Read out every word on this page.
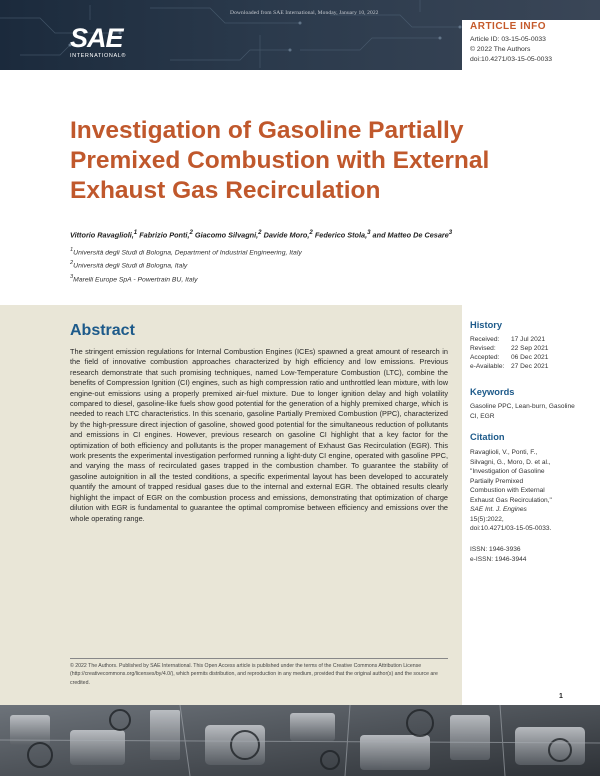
Downloaded from SAE International, Monday, January 10, 2022
SAE
INTERNATIONAL®
ARTICLE INFO
Article ID: 03-15-05-0033
© 2022 The Authors
doi:10.4271/03-15-05-0033
Investigation of Gasoline Partially
Premixed Combustion with External
Exhaust Gas Recirculation
Vittorio Ravaglioli,$^1$ Fabrizio Ponti,$^2$ Giacomo Silvagni,$^2$ Davide Moro,$^2$ Federico Stola,$^3$ and Matteo De Cesare$^3$
$^1$Università degli Studi di Bologna, Department of Industrial Engineering, Italy
$^2$Università degli Studi di Bologna, Italy
$^3$Marelli Europe SpA - Powertrain BU, Italy
Abstract
The stringent emission regulations for Internal Combustion Engines (ICEs) spawned a great amount of research in the field of innovative combustion approaches characterized by high efficiency and low emissions. Previous research demonstrate that such promising techniques, named Low-Temperature Combustion (LTC), combine the benefits of Compression Ignition (CI) engines, such as high compression ratio and unthrottled lean mixture, with low engine-out emissions using a properly premixed air-fuel mixture. Due to longer ignition delay and high volatility compared to diesel, gasoline-like fuels show good potential for the generation of a highly premixed charge, which is needed to reach LTC characteristics. In this scenario, gasoline Partially Premixed Combustion (PPC), characterized by the high-pressure direct injection of gasoline, showed good potential for the simultaneous reduction of pollutants and emissions in CI engines. However, previous research on gasoline CI highlight that a key factor for the optimization of both efficiency and pollutants is the proper management of Exhaust Gas Recirculation (EGR). This work presents the experimental investigation performed running a light-duty CI engine, operated with gasoline PPC, and varying the mass of recirculated gases trapped in the combustion chamber. To guarantee the stability of gasoline autoignition in all the tested conditions, a specific experimental layout has been developed to accurately quantify the amount of trapped residual gases due to the internal and external EGR. The obtained results clearly highlight the impact of EGR on the combustion process and emissions, demonstrating that optimization of charge dilution with EGR is fundamental to guarantee the optimal compromise between efficiency and emissions over the whole operating range.
History
Received: 17 Jul 2021
Revised: 22 Sep 2021
Accepted: 06 Dec 2021
e-Available: 27 Dec 2021
Keywords
Gasoline PPC, Lean-burn, Gasoline CI, EGR
Citation
Ravaglioli, V., Ponti, F.,
Silvagni, G., Moro, D. et al.,
"Investigation of Gasoline
Partially Premixed
Combustion with External
Exhaust Gas Recirculation,"
SAE Int. J. Engines
15(5):2022,
doi:10.4271/03-15-05-0033.
ISSN: 1946-3936
e-ISSN: 1946-3944
© 2022 The Authors. Published by SAE International. This Open Access article is published under the terms of the Creative Commons Attribution License (http://creativecommons.org/licenses/by/4.0/), which permits distribution, and reproduction in any medium, provided that the original author(s) and the source are credited.
1
